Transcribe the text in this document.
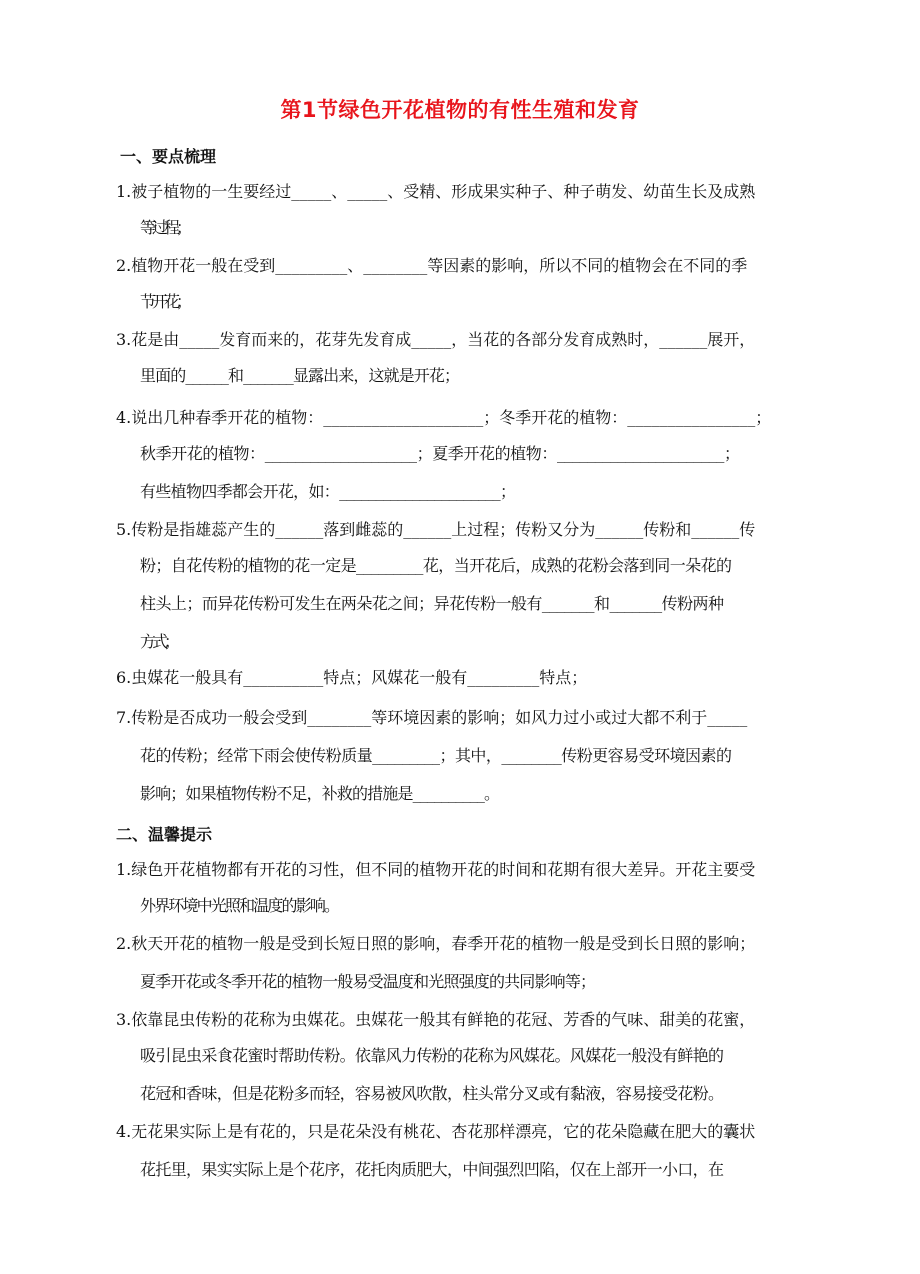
第1节绿色开花植物的有性生殖和发育
一、要点梳理
1.被子植物的一生要经过_____、_____、受精、形成果实种子、种子萌发、幼苗生长及成熟
等过程；
2.植物开花一般在受到_________、________等因素的影响，所以不同的植物会在不同的季
节开花；
3.花是由_____发育而来的，花芽先发育成_____，当花的各部分发育成熟时，______展开，
里面的______和_______显露出来，这就是开花；
4.说出几种春季开花的植物：____________________；冬季开花的植物：________________；
秋季开花的植物：____________________；夏季开花的植物：______________________；
有些植物四季都会开花，如：______________________；
5.传粉是指雄蕊产生的______落到雌蕊的______上过程；传粉又分为______传粉和______传
粉；自花传粉的植物的花一定是_________花，当开花后，成熟的花粉会落到同一朵花的
柱头上；而异花传粉可发生在两朵花之间；异花传粉一般有_______和_______传粉两种
方式；
6.虫媒花一般具有__________特点；风媒花一般有_________特点；
7.传粉是否成功一般会受到________等环境因素的影响；如风力过小或过大都不利于_____
花的传粉；经常下雨会使传粉质量_________；其中，________传粉更容易受环境因素的
影响；如果植物传粉不足，补救的措施是__________。
二、温馨提示
1.绿色开花植物都有开花的习性，但不同的植物开花的时间和花期有很大差异。开花主要受
外界环境中光照和温度的影响。
2.秋天开花的植物一般是受到长短日照的影响，春季开花的植物一般是受到长日照的影响；
夏季开花或冬季开花的植物一般易受温度和光照强度的共同影响等；
3.依靠昆虫传粉的花称为虫媒花。虫媒花一般其有鲜艳的花冠、芳香的气味、甜美的花蜜，
吸引昆虫采食花蜜时帮助传粉。依靠风力传粉的花称为风媒花。风媒花一般没有鲜艳的
花冠和香味，但是花粉多而轻，容易被风吹散，柱头常分叉或有黏液，容易接受花粉。
4.无花果实际上是有花的，只是花朵没有桃花、杏花那样漂亮，它的花朵隐藏在肥大的囊状
花托里，果实实际上是个花序，花托肉质肥大，中间强烈凹陷，仅在上部开一小口，在
